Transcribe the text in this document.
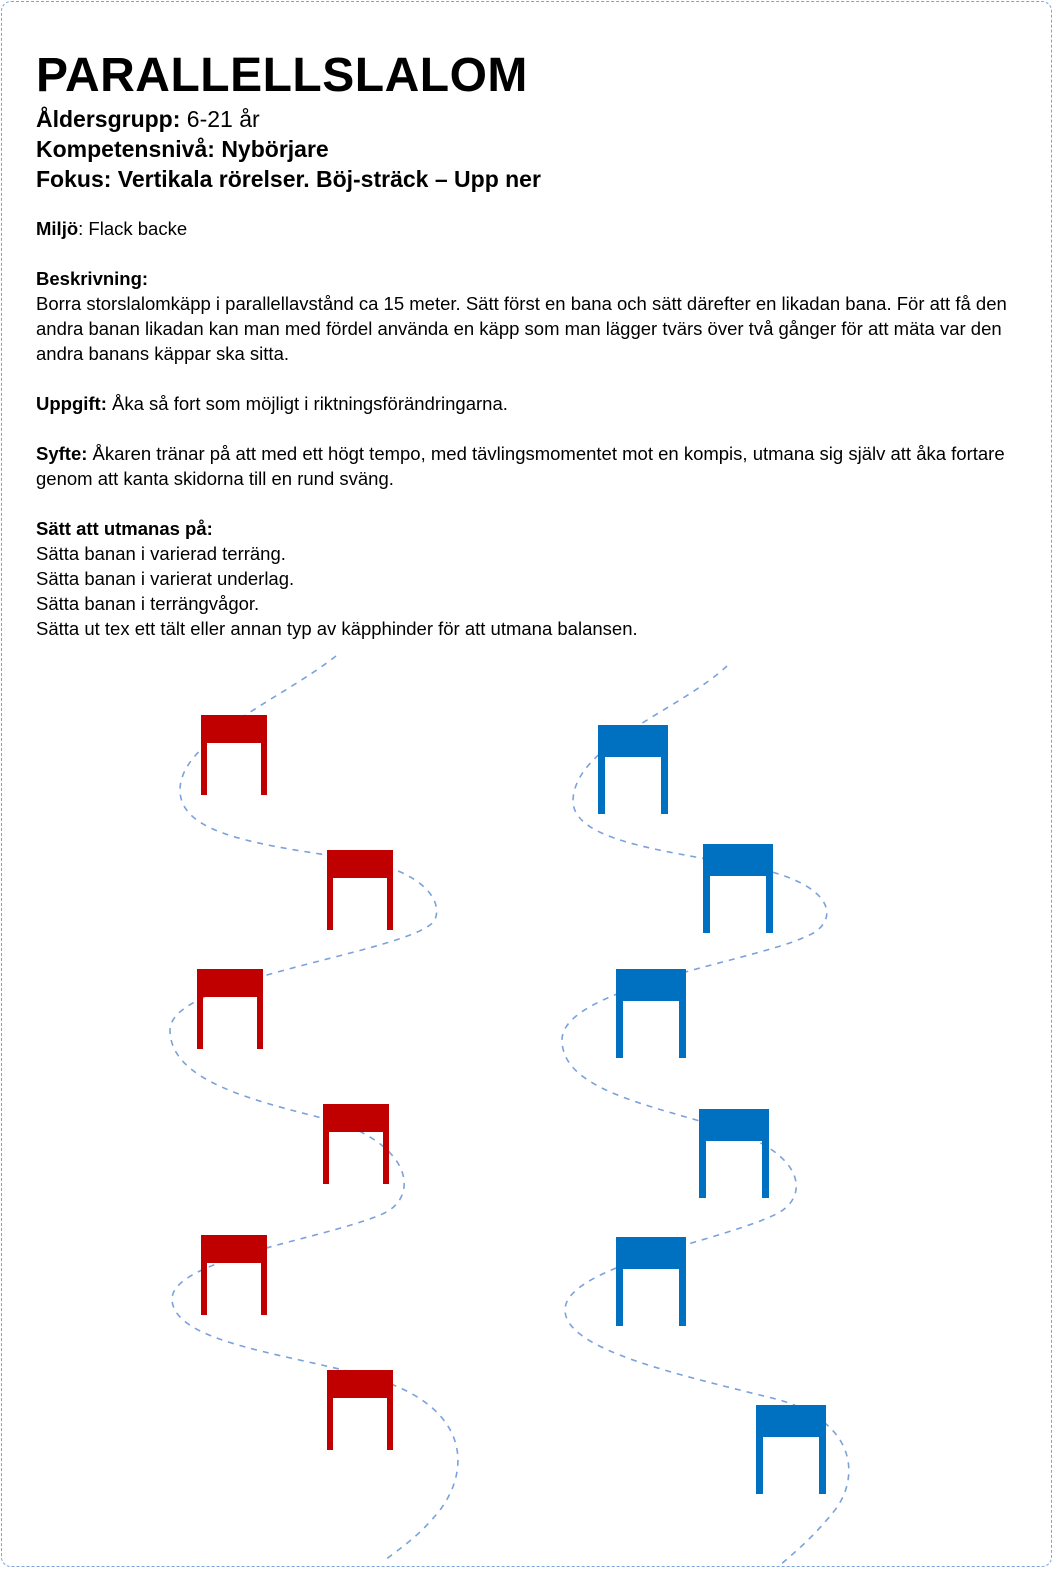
PARALLELLSLALOM
Åldersgrupp: 6-21 år
Kompetensnivå: Nybörjare
Fokus: Vertikala rörelser. Böj-sträck – Upp ner
Miljö: Flack backe
Beskrivning:
Borra storslalomkäpp i parallellavstånd ca 15 meter. Sätt först en bana och sätt därefter en likadan bana. För att få den andra banan likadan kan man med fördel använda en käpp som man lägger tvärs över två gånger för att mäta var den andra banans käppar ska sitta.
Uppgift: Åka så fort som möjligt i riktningsförändringarna.
Syfte: Åkaren tränar på att med ett högt tempo, med tävlingsmomentet mot en kompis, utmana sig själv att åka fortare genom att kanta skidorna till en rund sväng.
Sätt att utmanas på:
Sätta banan i varierad terräng.
Sätta banan i varierat underlag.
Sätta banan i terrängvågor.
Sätta ut tex ett tält eller annan typ av käpphinder för att utmana balansen.
